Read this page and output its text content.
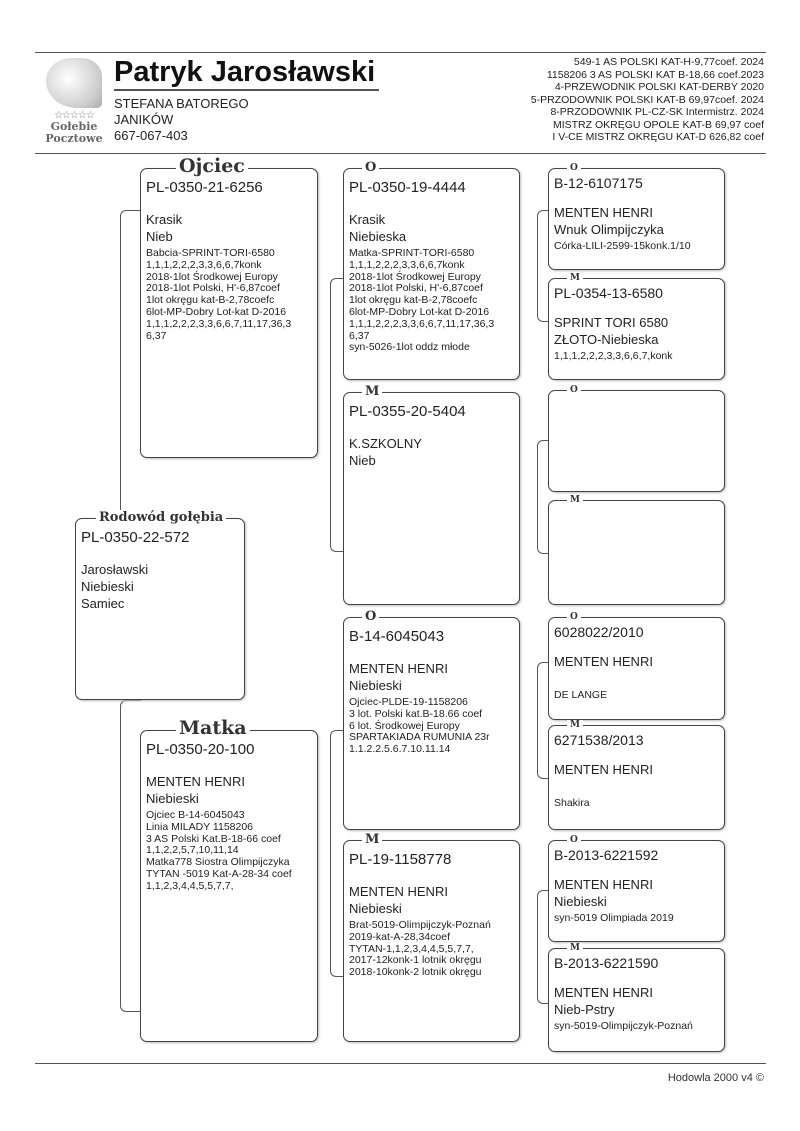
☆☆☆☆☆
Gołebie
Pocztowe
Patryk Jarosławski
STEFANA BATOREGO
JANIKÓW
667-067-403
549-1 AS POLSKI KAT-H-9,77coef. 2024
1158206 3 AS POLSKI KAT B-18,66 coef.2023
4-PRZEWODNIK POLSKI KAT-DERBY 2020
5-PRZODOWNIK POLSKI KAT-B 69,97coef. 2024
8-PRZODOWNIK PL-CZ-SK Intermistrz. 2024
MISTRZ OKRĘGU OPOLE KAT-B 69,97 coef
I V-CE MISTRZ OKRĘGU KAT-D 626,82 coef
Rodowód gołębia
PL-0350-22-572
Jarosławski
Niebieski
Samiec
Ojciec
PL-0350-21-6256
Krasik
Nieb
Babcia-SPRINT-TORI-6580
1,1,1,2,2,2,3,3,6,6,7konk
2018-1lot Środkowej Europy
2018-1lot Polski, H'-6,87coef
1lot okręgu kat-B-2,78coefc
6lot-MP-Dobry Lot-kat D-2016
1,1,1,2,2,2,3,3,6,6,7,11,17,36,3
6,37
Matka
PL-0350-20-100
MENTEN HENRI
Niebieski
Ojciec B-14-6045043
Linia MILADY 1158206
3 AS Polski Kat.B-18-66 coef
1,1,2,2,5,7,10,11,14
Matka778 Siostra Olimpijczyka
TYTAN -5019 Kat-A-28-34 coef
1,1,2,3,4,4,5,5,7,7,
O
PL-0350-19-4444
Krasik
Niebieska
Matka-SPRINT-TORI-6580
1,1,1,2,2,2,3,3,6,6,7konk
2018-1lot Środkowej Europy
2018-1lot Polski, H'-6,87coef
1lot okręgu kat-B-2,78coefc
6lot-MP-Dobry Lot-kat D-2016
1,1,1,2,2,2,3,3,6,6,7,11,17,36,3
6,37
syn-5026-1lot oddz młode
M
PL-0355-20-5404
K.SZKOLNY
Nieb
O
B-14-6045043
MENTEN HENRI
Niebieski
Ojciec-PLDE-19-1158206
3 lot. Polski kat.B-18.66 coef
6 lot. Środkowej Europy
SPARTAKIADA RUMUNIA 23r
1.1.2.2.5.6.7.10.11.14
M
PL-19-1158778
MENTEN HENRI
Niebieski
Brat-5019-Olimpijczyk-Poznań
2019-kat-A-28,34coef
TYTAN-1,1,2,3,4,4,5,5,7,7,
2017-12konk-1 lotnik okręgu
2018-10konk-2 lotnik okręgu
O
B-12-6107175
MENTEN HENRI
Wnuk Olimpijczyka
Córka-LILI-2599-15konk.1/10
M
PL-0354-13-6580
SPRINT TORI 6580
ZŁOTO-Niebieska
1,1,1,2,2,2,3,3,6,6,7,konk
O
M
O
6028022/2010
MENTEN HENRI
DE LANGE
M
6271538/2013
MENTEN HENRI
Shakira
O
B-2013-6221592
MENTEN HENRI
Niebieski
syn-5019 Olimpiada 2019
M
B-2013-6221590
MENTEN HENRI
Nieb-Pstry
syn-5019-Olimpijczyk-Poznań
Hodowla 2000 v4 ©
